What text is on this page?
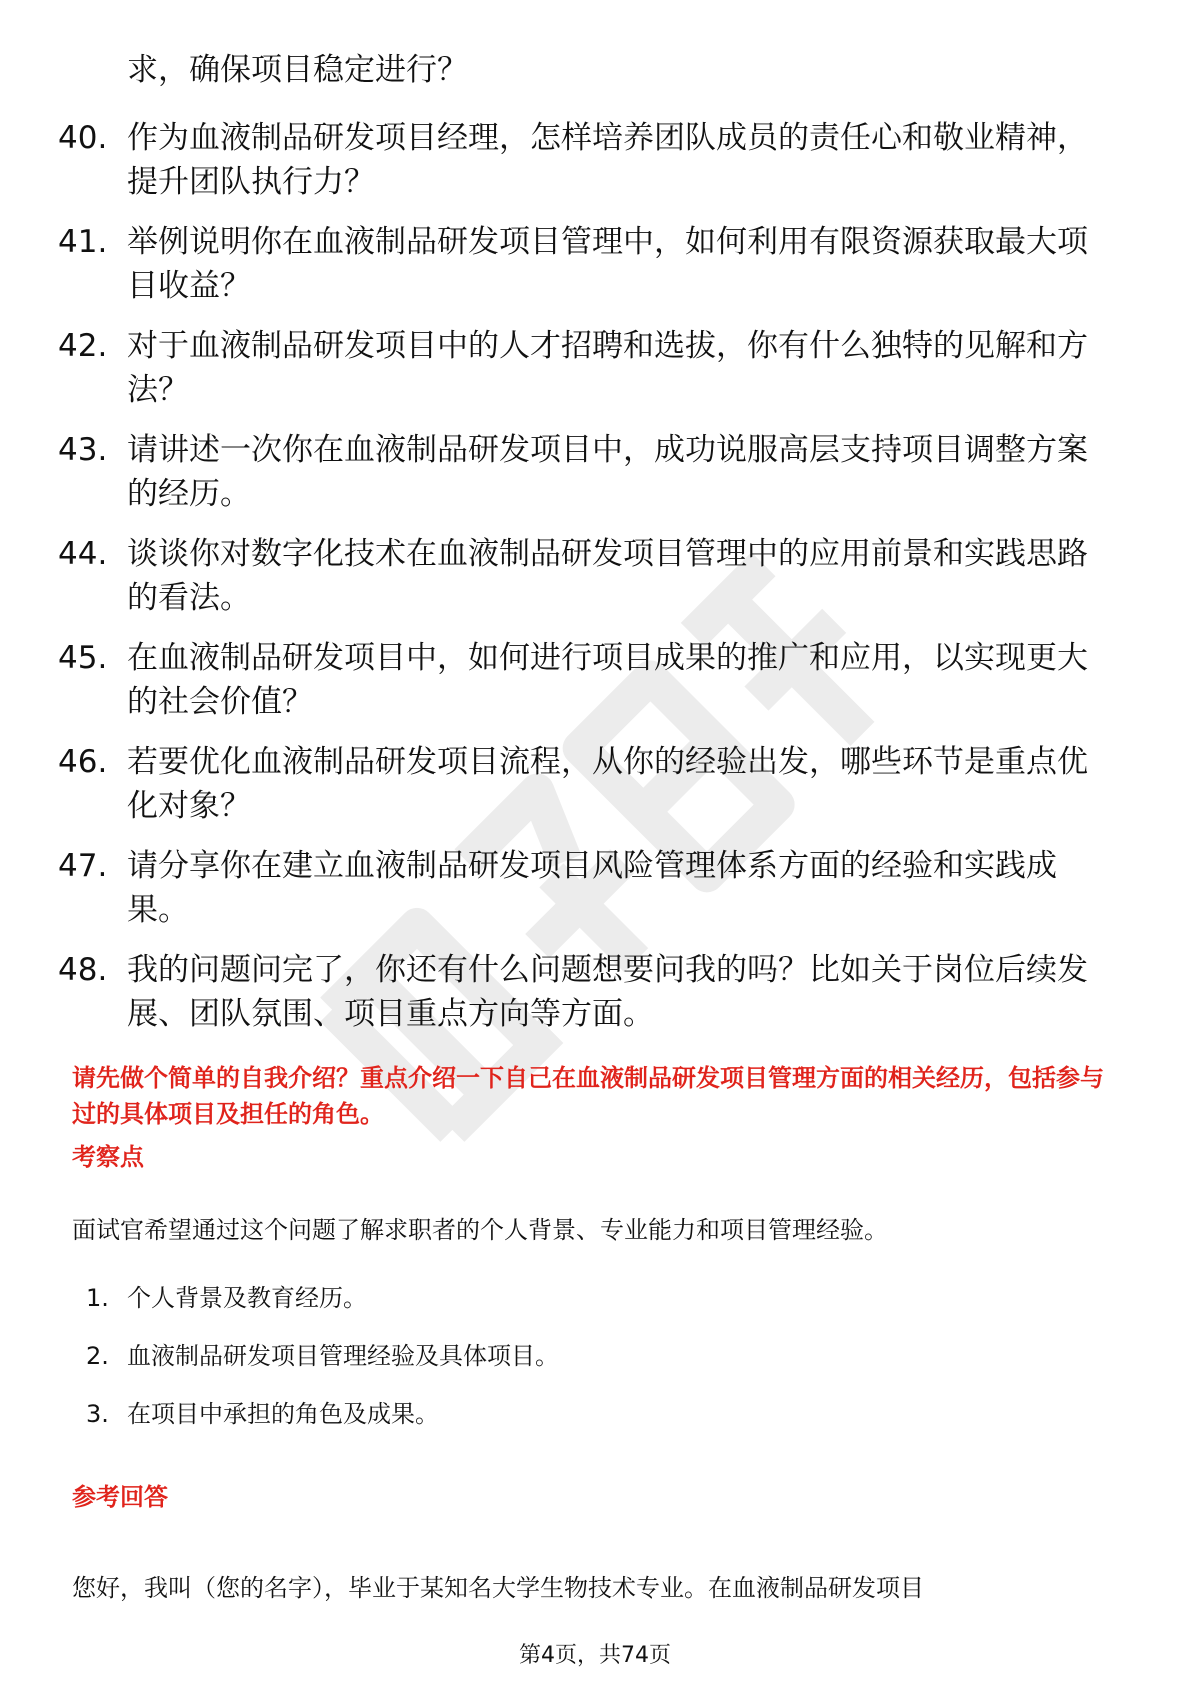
求，确保项目稳定进行？
40. 作为血液制品研发项目经理，怎样培养团队成员的责任心和敬业精神，提升团队执行力？
41. 举例说明你在血液制品研发项目管理中，如何利用有限资源获取最大项目收益？
42. 对于血液制品研发项目中的人才招聘和选拔，你有什么独特的见解和方法？
43. 请讲述一次你在血液制品研发项目中，成功说服高层支持项目调整方案的经历。
44. 谈谈你对数字化技术在血液制品研发项目管理中的应用前景和实践思路的看法。
45. 在血液制品研发项目中，如何进行项目成果的推广和应用，以实现更大的社会价值？
46. 若要优化血液制品研发项目流程，从你的经验出发，哪些环节是重点优化对象？
47. 请分享你在建立血液制品研发项目风险管理体系方面的经验和实践成果。
48. 我的问题问完了，你还有什么问题想要问我的吗？比如关于岗位后续发展、团队氛围、项目重点方向等方面。
请先做个简单的自我介绍？重点介绍一下自己在血液制品研发项目管理方面的相关经历，包括参与过的具体项目及担任的角色。
考察点
面试官希望通过这个问题了解求职者的个人背景、专业能力和项目管理经验。
1. 个人背景及教育经历。
2. 血液制品研发项目管理经验及具体项目。
3. 在项目中承担的角色及成果。
参考回答
您好，我叫（您的名字），毕业于某知名大学生物技术专业。在血液制品研发项目
第4页，共74页
